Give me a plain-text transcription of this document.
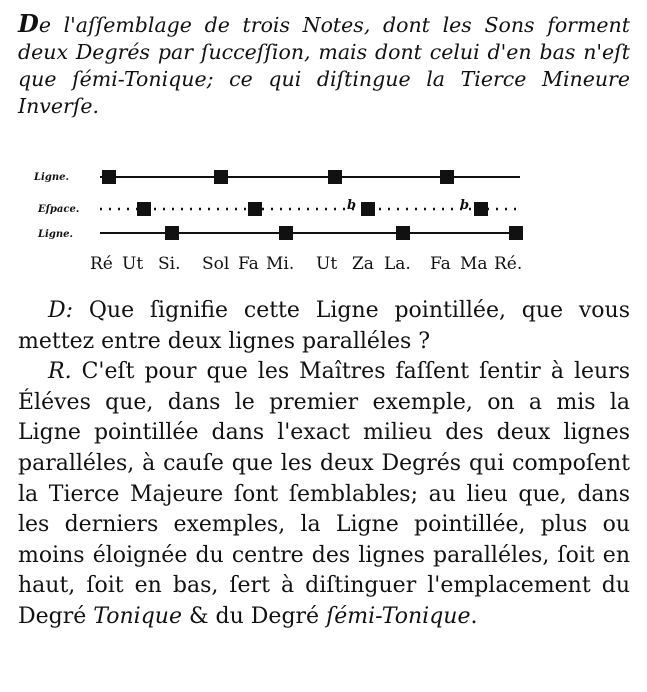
De l'aſſemblage de trois Notes, dont les Sons forment deux Degrés par ſucceſſion, mais dont celui d'en bas n'eſt que ſémi-Tonique; ce qui diſtingue la Tierce Mineure Inverſe.

Ligne.
Eſpace.
Ligne.
b	b
Ré Ut Si. Sol Fa Mi. Ut Za La. Fa Ma Ré.

D: Que ſignifie cette Ligne pointillée, que vous mettez entre deux lignes paralléles ?

R. C'eſt pour que les Maîtres faſſent ſentir à leurs Éléves que, dans le premier exemple, on a mis la Ligne pointillée dans l'exact milieu des deux lignes paralléles, à cauſe que les deux Degrés qui compoſent la Tierce Majeure ſont ſemblables; au lieu que, dans les derniers exemples, la Ligne pointillée, plus ou moins éloignée du centre des lignes paralléles, ſoit en haut, ſoit en bas, ſert à diſtinguer l'emplacement du Degré Tonique & du Degré ſémi-Tonique.
